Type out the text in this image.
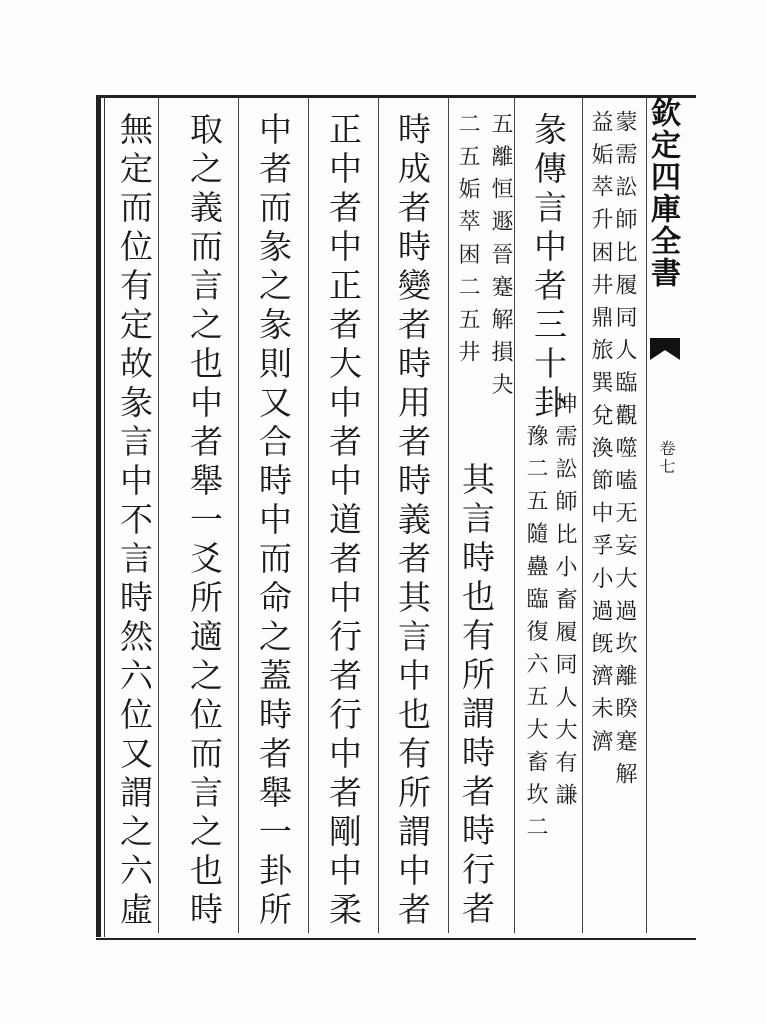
欽定四庫全書
卷七
蒙需訟師比履同人臨觀噬嗑无妄大過坎離睽蹇解
益姤萃升困井鼎旅巽兌渙節中孚小過旣濟未濟
彖傳言中者三十卦
坤需訟師比小畜履同人大有謙
豫二五隨蠱臨復六五大畜坎二
五離恒遯晉蹇解損夬
二五姤萃困二五井
其言時也有所謂時者時行者
時成者時變者時用者時義者其言中也有所謂中者
正中者中正者大中者中道者中行者行中者剛中柔
中者而彖之彖則又合時中而命之蓋時者舉一卦所
取之義而言之也中者舉一爻所適之位而言之也時
無定而位有定故彖言中不言時然六位又謂之六虛
